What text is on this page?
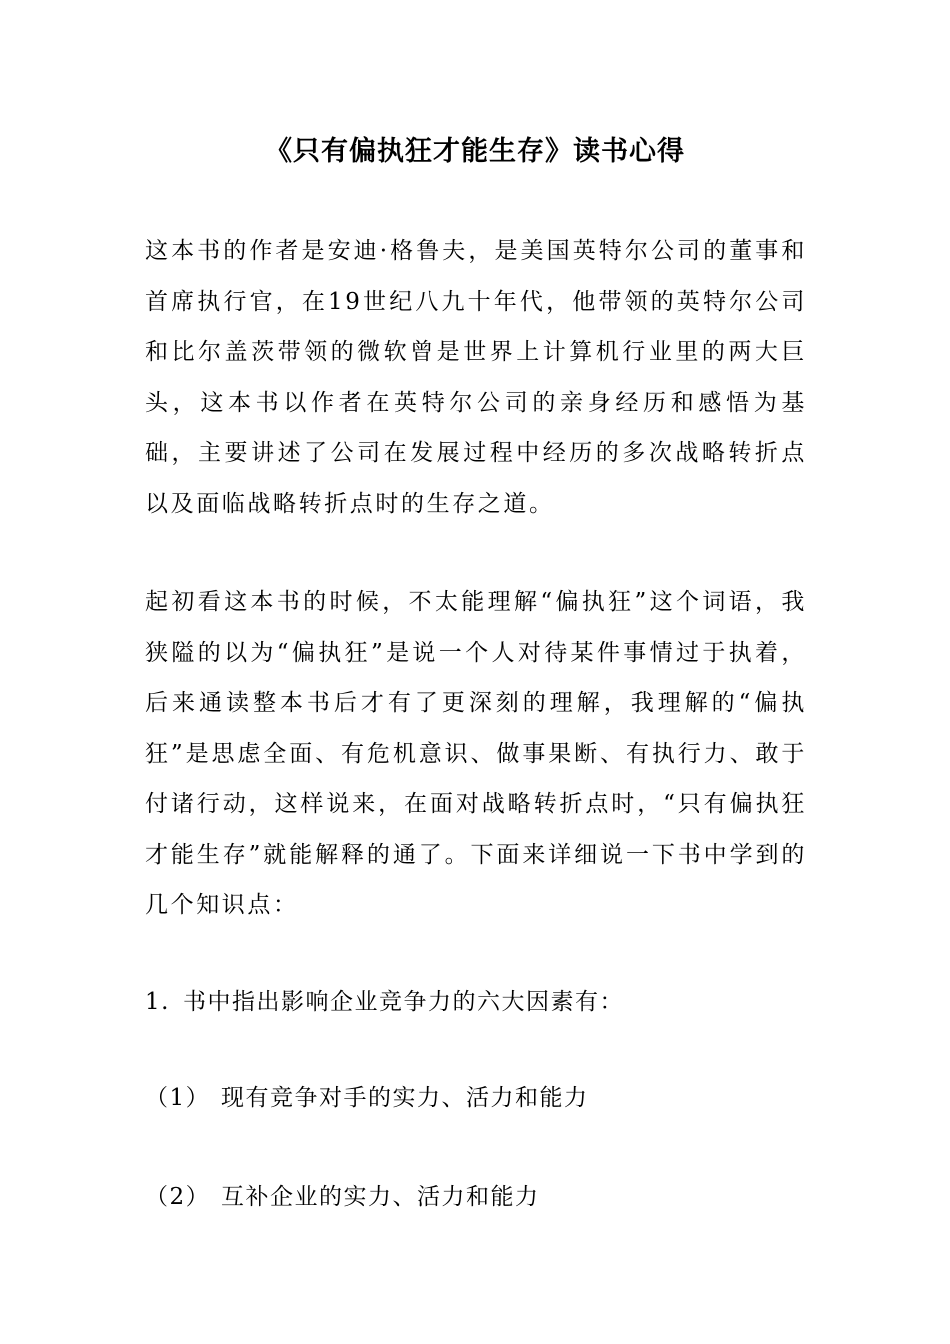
《只有偏执狂才能生存》读书心得

这本书的作者是安迪·格鲁夫，是美国英特尔公司的董事和首席执行官，在19世纪八九十年代，他带领的英特尔公司和比尔盖茨带领的微软曾是世界上计算机行业里的两大巨头，这本书以作者在英特尔公司的亲身经历和感悟为基础，主要讲述了公司在发展过程中经历的多次战略转折点以及面临战略转折点时的生存之道。

起初看这本书的时候，不太能理解“偏执狂”这个词语，我狭隘的以为“偏执狂”是说一个人对待某件事情过于执着，后来通读整本书后才有了更深刻的理解，我理解的“偏执狂”是思虑全面、有危机意识、做事果断、有执行力、敢于付诸行动，这样说来，在面对战略转折点时，“只有偏执狂才能生存”就能解释的通了。下面来详细说一下书中学到的几个知识点：

1. 书中指出影响企业竞争力的六大因素有：

（1） 现有竞争对手的实力、活力和能力

（2） 互补企业的实力、活力和能力
